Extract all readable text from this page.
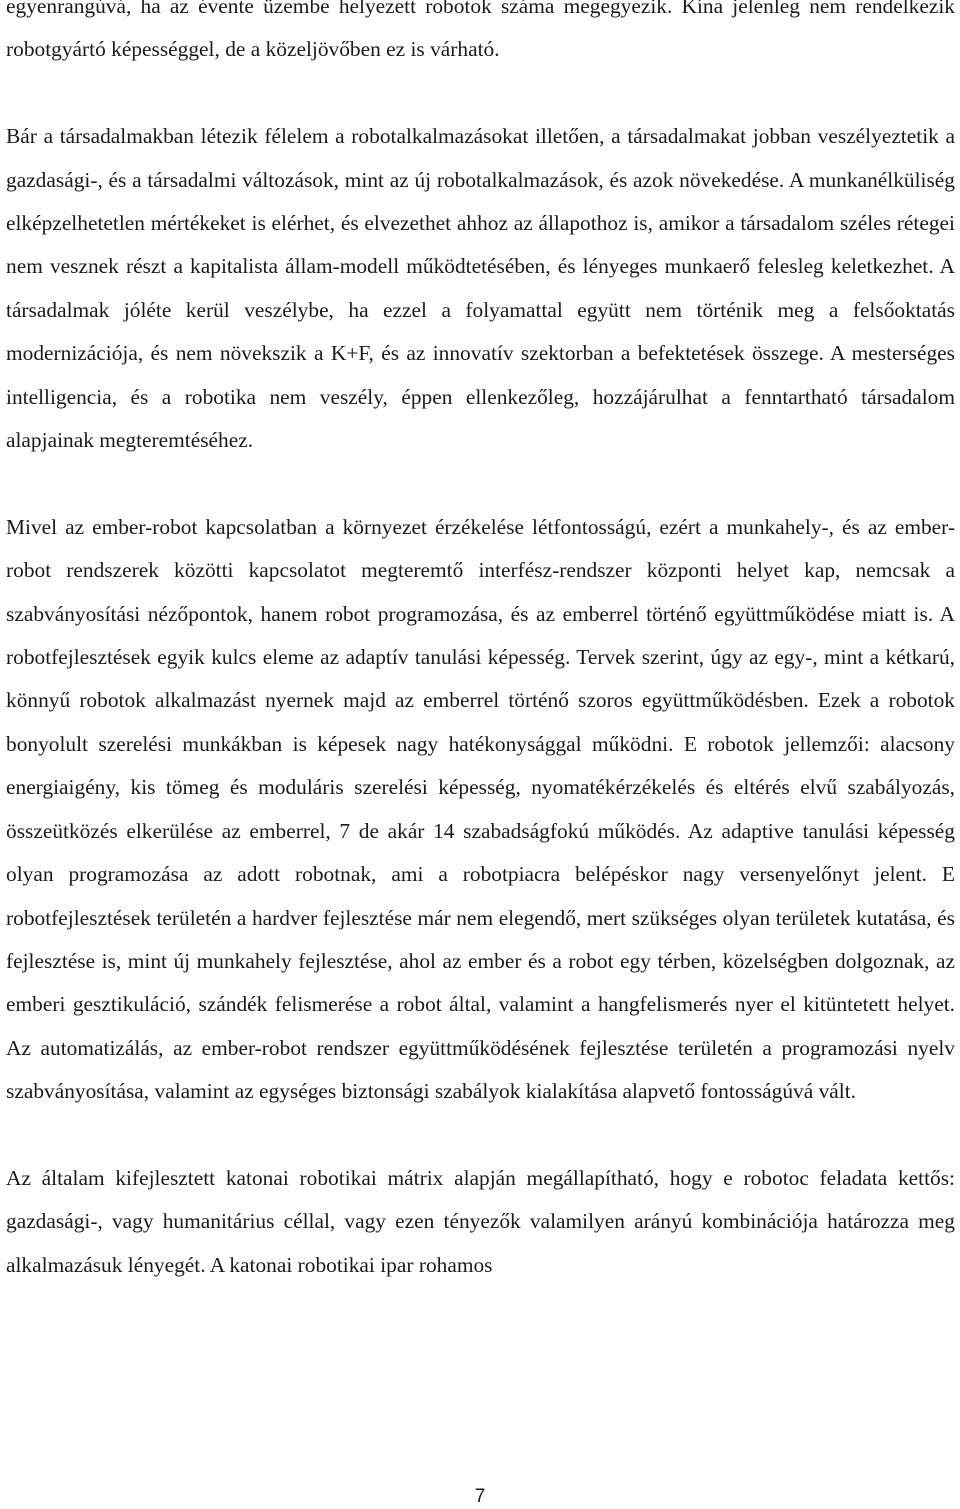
egyenrangúvá, ha az évente üzembe helyezett robotok száma megegyezik. Kína jelenleg nem rendelkezik robotgyártó képességgel, de a közeljövőben ez is várható.

Bár a társadalmakban létezik félelem a robotalkalmazásokat illetően, a társadalmakat jobban veszélyeztetik a gazdasági-, és a társadalmi változások, mint az új robotalkalmazások, és azok növekedése. A munkanélküliség elképzelhetetlen mértékeket is elérhet, és elvezethet ahhoz az állapothoz is, amikor a társadalom széles rétegei nem vesznek részt a kapitalista állam-modell működtetésében, és lényeges munkaerő felesleg keletkezhet. A társadalmak jóléte kerül veszélybe, ha ezzel a folyamattal együtt nem történik meg a felsőoktatás modernizációja, és nem növekszik a K+F, és az innovatív szektorban a befektetések összege. A mesterséges intelligencia, és a robotika nem veszély, éppen ellenkezőleg, hozzájárulhat a fenntartható társadalom alapjainak megteremtéséhez.

Mivel az ember-robot kapcsolatban a környezet érzékelése létfontosságú, ezért a munkahely-, és az ember-robot rendszerek közötti kapcsolatot megteremtő interfész-rendszer központi helyet kap, nemcsak a szabványosítási nézőpontok, hanem robot programozása, és az emberrel történő együttműködése miatt is. A robotfejlesztések egyik kulcs eleme az adaptív tanulási képesség. Tervek szerint, úgy az egy-, mint a kétkarú, könnyű robotok alkalmazást nyernek majd az emberrel történő szoros együttműködésben. Ezek a robotok bonyolult szerelési munkákban is képesek nagy hatékonysággal működni. E robotok jellemzői: alacsony energiaigény, kis tömeg és moduláris szerelési képesség, nyomatékérzékelés és eltérés elvű szabályozás, összeütközés elkerülése az emberrel, 7 de akár 14 szabadságfokú működés. Az adaptive tanulási képesség olyan programozása az adott robotnak, ami a robotpiacra belépéskor nagy versenyelőnyt jelent. E robotfejlesztések területén a hardver fejlesztése már nem elegendő, mert szükséges olyan területek kutatása, és fejlesztése is, mint új munkahely fejlesztése, ahol az ember és a robot egy térben, közelségben dolgoznak, az emberi gesztikuláció, szándék felismerése a robot által, valamint a hangfelismerés nyer el kitüntetett helyet. Az automatizálás, az ember-robot rendszer együttműködésének fejlesztése területén a programozási nyelv szabványosítása, valamint az egységes biztonsági szabályok kialakítása alapvető fontosságúvá vált.

Az általam kifejlesztett katonai robotikai mátrix alapján megállapítható, hogy e robotoc feladata kettős: gazdasági-, vagy humanitárius céllal, vagy ezen tényezők valamilyen arányú kombinációja határozza meg alkalmazásuk lényegét. A katonai robotikai ipar rohamos

7
